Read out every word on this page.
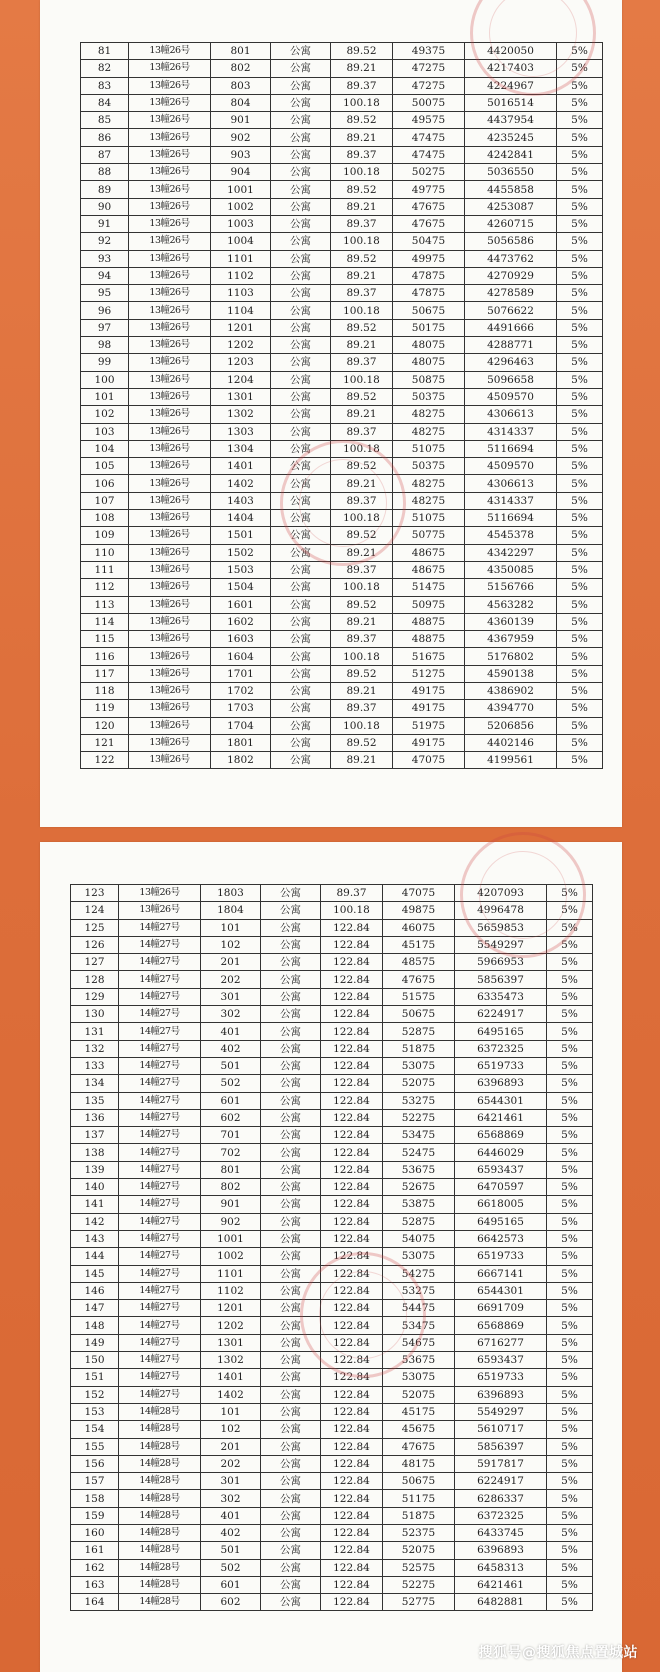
81	13幢26号	801	公寓	89.52	49375	4420050	5%
82	13幢26号	802	公寓	89.21	47275	4217403	5%
83	13幢26号	803	公寓	89.37	47275	4224967	5%
84	13幢26号	804	公寓	100.18	50075	5016514	5%
85	13幢26号	901	公寓	89.52	49575	4437954	5%
86	13幢26号	902	公寓	89.21	47475	4235245	5%
87	13幢26号	903	公寓	89.37	47475	4242841	5%
88	13幢26号	904	公寓	100.18	50275	5036550	5%
89	13幢26号	1001	公寓	89.52	49775	4455858	5%
90	13幢26号	1002	公寓	89.21	47675	4253087	5%
91	13幢26号	1003	公寓	89.37	47675	4260715	5%
92	13幢26号	1004	公寓	100.18	50475	5056586	5%
93	13幢26号	1101	公寓	89.52	49975	4473762	5%
94	13幢26号	1102	公寓	89.21	47875	4270929	5%
95	13幢26号	1103	公寓	89.37	47875	4278589	5%
96	13幢26号	1104	公寓	100.18	50675	5076622	5%
97	13幢26号	1201	公寓	89.52	50175	4491666	5%
98	13幢26号	1202	公寓	89.21	48075	4288771	5%
99	13幢26号	1203	公寓	89.37	48075	4296463	5%
100	13幢26号	1204	公寓	100.18	50875	5096658	5%
101	13幢26号	1301	公寓	89.52	50375	4509570	5%
102	13幢26号	1302	公寓	89.21	48275	4306613	5%
103	13幢26号	1303	公寓	89.37	48275	4314337	5%
104	13幢26号	1304	公寓	100.18	51075	5116694	5%
105	13幢26号	1401	公寓	89.52	50375	4509570	5%
106	13幢26号	1402	公寓	89.21	48275	4306613	5%
107	13幢26号	1403	公寓	89.37	48275	4314337	5%
108	13幢26号	1404	公寓	100.18	51075	5116694	5%
109	13幢26号	1501	公寓	89.52	50775	4545378	5%
110	13幢26号	1502	公寓	89.21	48675	4342297	5%
111	13幢26号	1503	公寓	89.37	48675	4350085	5%
112	13幢26号	1504	公寓	100.18	51475	5156766	5%
113	13幢26号	1601	公寓	89.52	50975	4563282	5%
114	13幢26号	1602	公寓	89.21	48875	4360139	5%
115	13幢26号	1603	公寓	89.37	48875	4367959	5%
116	13幢26号	1604	公寓	100.18	51675	5176802	5%
117	13幢26号	1701	公寓	89.52	51275	4590138	5%
118	13幢26号	1702	公寓	89.21	49175	4386902	5%
119	13幢26号	1703	公寓	89.37	49175	4394770	5%
120	13幢26号	1704	公寓	100.18	51975	5206856	5%
121	13幢26号	1801	公寓	89.52	49175	4402146	5%
122	13幢26号	1802	公寓	89.21	47075	4199561	5%
123	13幢26号	1803	公寓	89.37	47075	4207093	5%
124	13幢26号	1804	公寓	100.18	49875	4996478	5%
125	14幢27号	101	公寓	122.84	46075	5659853	5%
126	14幢27号	102	公寓	122.84	45175	5549297	5%
127	14幢27号	201	公寓	122.84	48575	5966953	5%
128	14幢27号	202	公寓	122.84	47675	5856397	5%
129	14幢27号	301	公寓	122.84	51575	6335473	5%
130	14幢27号	302	公寓	122.84	50675	6224917	5%
131	14幢27号	401	公寓	122.84	52875	6495165	5%
132	14幢27号	402	公寓	122.84	51875	6372325	5%
133	14幢27号	501	公寓	122.84	53075	6519733	5%
134	14幢27号	502	公寓	122.84	52075	6396893	5%
135	14幢27号	601	公寓	122.84	53275	6544301	5%
136	14幢27号	602	公寓	122.84	52275	6421461	5%
137	14幢27号	701	公寓	122.84	53475	6568869	5%
138	14幢27号	702	公寓	122.84	52475	6446029	5%
139	14幢27号	801	公寓	122.84	53675	6593437	5%
140	14幢27号	802	公寓	122.84	52675	6470597	5%
141	14幢27号	901	公寓	122.84	53875	6618005	5%
142	14幢27号	902	公寓	122.84	52875	6495165	5%
143	14幢27号	1001	公寓	122.84	54075	6642573	5%
144	14幢27号	1002	公寓	122.84	53075	6519733	5%
145	14幢27号	1101	公寓	122.84	54275	6667141	5%
146	14幢27号	1102	公寓	122.84	53275	6544301	5%
147	14幢27号	1201	公寓	122.84	54475	6691709	5%
148	14幢27号	1202	公寓	122.84	53475	6568869	5%
149	14幢27号	1301	公寓	122.84	54675	6716277	5%
150	14幢27号	1302	公寓	122.84	53675	6593437	5%
151	14幢27号	1401	公寓	122.84	53075	6519733	5%
152	14幢27号	1402	公寓	122.84	52075	6396893	5%
153	14幢28号	101	公寓	122.84	45175	5549297	5%
154	14幢28号	102	公寓	122.84	45675	5610717	5%
155	14幢28号	201	公寓	122.84	47675	5856397	5%
156	14幢28号	202	公寓	122.84	48175	5917817	5%
157	14幢28号	301	公寓	122.84	50675	6224917	5%
158	14幢28号	302	公寓	122.84	51175	6286337	5%
159	14幢28号	401	公寓	122.84	51875	6372325	5%
160	14幢28号	402	公寓	122.84	52375	6433745	5%
161	14幢28号	501	公寓	122.84	52075	6396893	5%
162	14幢28号	502	公寓	122.84	52575	6458313	5%
163	14幢28号	601	公寓	122.84	52275	6421461	5%
164	14幢28号	602	公寓	122.84	52775	6482881	5%
搜狐号@搜狐焦点置城站
